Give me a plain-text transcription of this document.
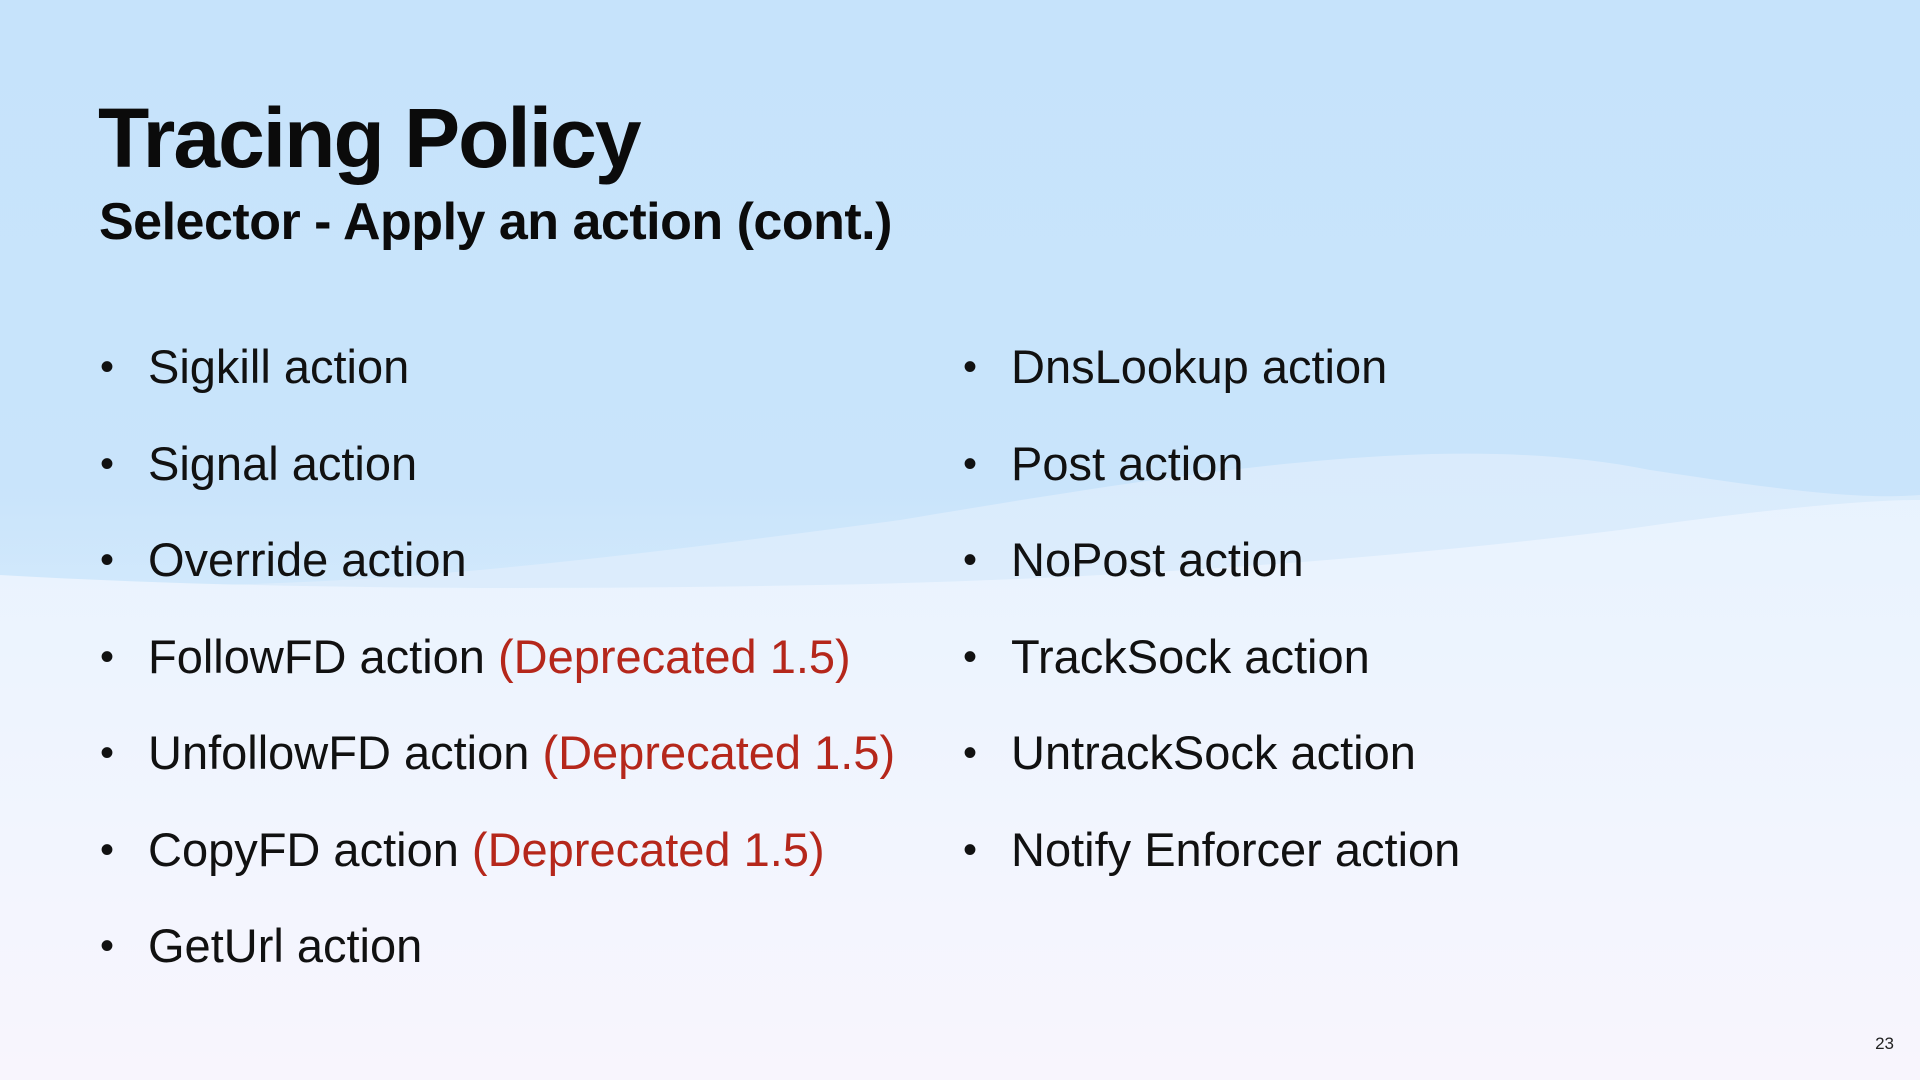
Tracing Policy
Selector - Apply an action (cont.)
• Sigkill action
• Signal action
• Override action
• FollowFD action (Deprecated 1.5)
• UnfollowFD action (Deprecated 1.5)
• CopyFD action (Deprecated 1.5)
• GetUrl action
• DnsLookup action
• Post action
• NoPost action
• TrackSock action
• UntrackSock action
• Notify Enforcer action
23
